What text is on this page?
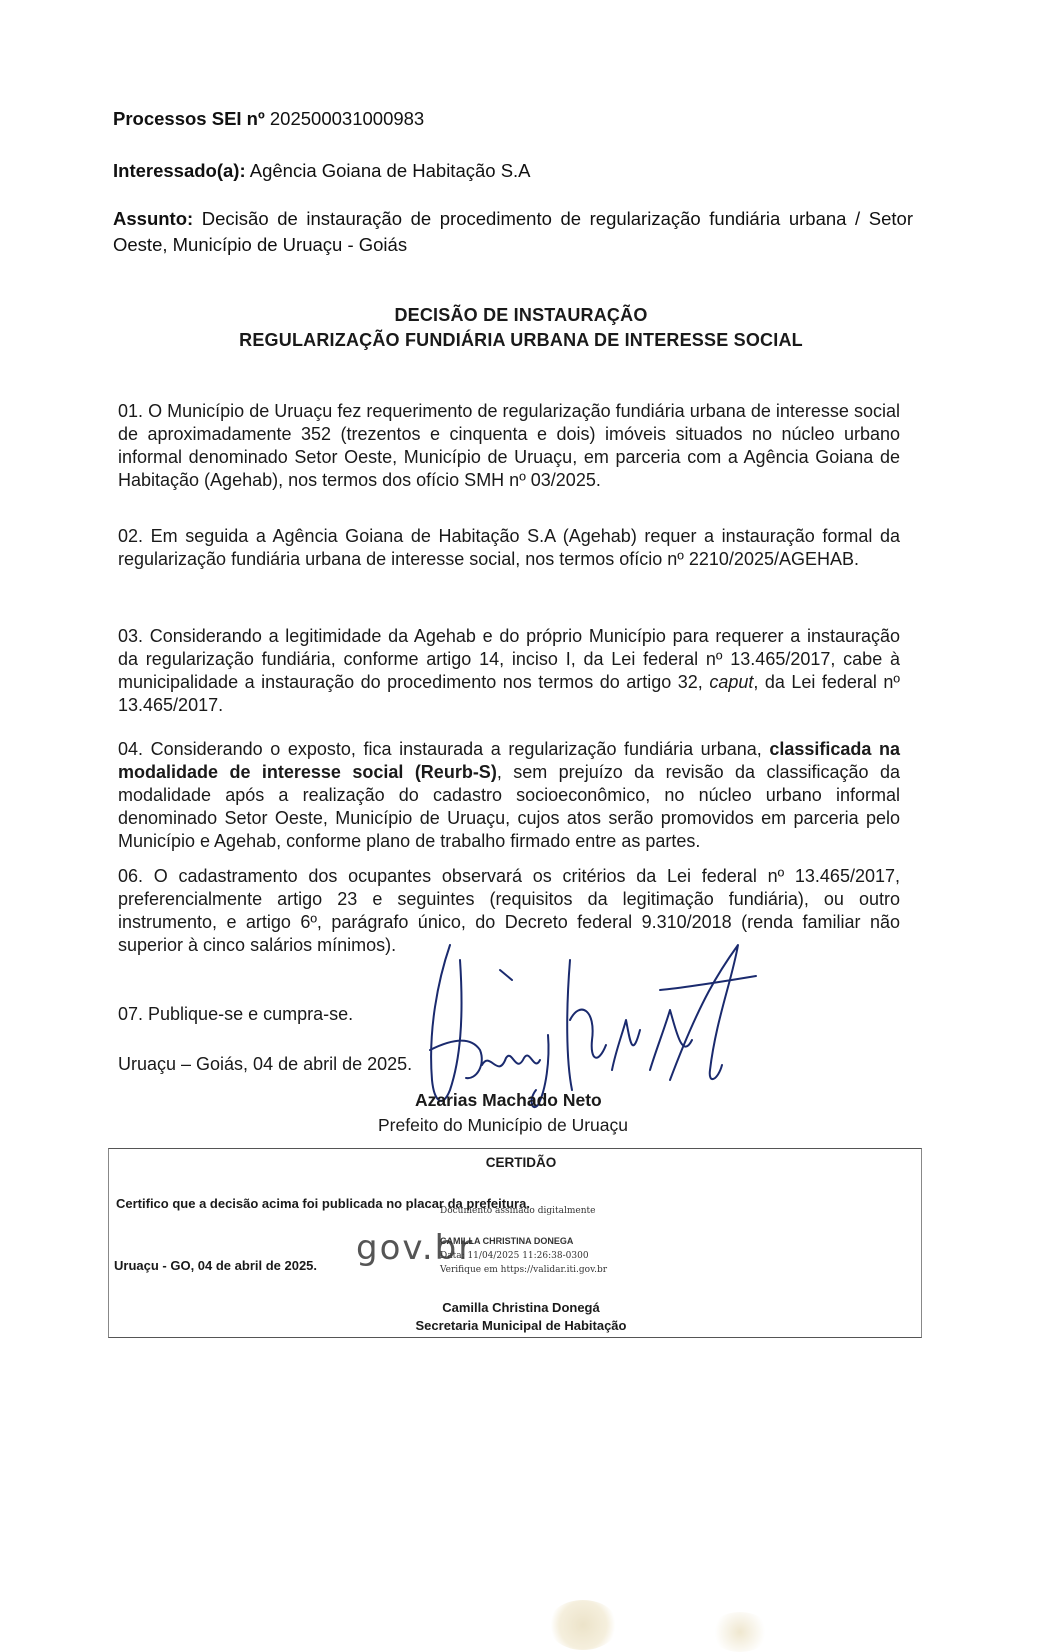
Processos SEI nº 202500031000983
Interessado(a): Agência Goiana de Habitação S.A
Assunto: Decisão de instauração de procedimento de regularização fundiária urbana / Setor Oeste, Município de Uruaçu - Goiás
DECISÃO DE INSTAURAÇÃO
REGULARIZAÇÃO FUNDIÁRIA URBANA DE INTERESSE SOCIAL
01. O Município de Uruaçu fez requerimento de regularização fundiária urbana de interesse social de aproximadamente 352 (trezentos e cinquenta e dois) imóveis situados no núcleo urbano informal denominado Setor Oeste, Município de Uruaçu, em parceria com a Agência Goiana de Habitação (Agehab), nos termos dos ofício SMH nº 03/2025.
02. Em seguida a Agência Goiana de Habitação S.A (Agehab) requer a instauração formal da regularização fundiária urbana de interesse social, nos termos ofício nº 2210/2025/AGEHAB.
03. Considerando a legitimidade da Agehab e do próprio Município para requerer a instauração da regularização fundiária, conforme artigo 14, inciso I, da Lei federal nº 13.465/2017, cabe à municipalidade a instauração do procedimento nos termos do artigo 32, caput, da Lei federal nº 13.465/2017.
04. Considerando o exposto, fica instaurada a regularização fundiária urbana, classificada na modalidade de interesse social (Reurb-S), sem prejuízo da revisão da classificação da modalidade após a realização do cadastro socioeconômico, no núcleo urbano informal denominado Setor Oeste, Município de Uruaçu, cujos atos serão promovidos em parceria pelo Município e Agehab, conforme plano de trabalho firmado entre as partes.
06. O cadastramento dos ocupantes observará os critérios da Lei federal nº 13.465/2017, preferencialmente artigo 23 e seguintes (requisitos da legitimação fundiária), ou outro instrumento, e artigo 6º, parágrafo único, do Decreto federal 9.310/2018 (renda familiar não superior à cinco salários mínimos).
07. Publique-se e cumpra-se.
Uruaçu – Goiás, 04 de abril de 2025.
Azarias Machado Neto
Prefeito do Município de Uruaçu
CERTIDÃO
Certifico que a decisão acima foi publicada no placar da prefeitura.
Uruaçu - GO, 04 de abril de 2025. gov.br
Documento assinado digitalmente
CAMILLA CHRISTINA DONEGA
Data: 11/04/2025 11:26:38-0300
Verifique em https://validar.iti.gov.br
Camilla Christina Donegá
Secretaria Municipal de Habitação
